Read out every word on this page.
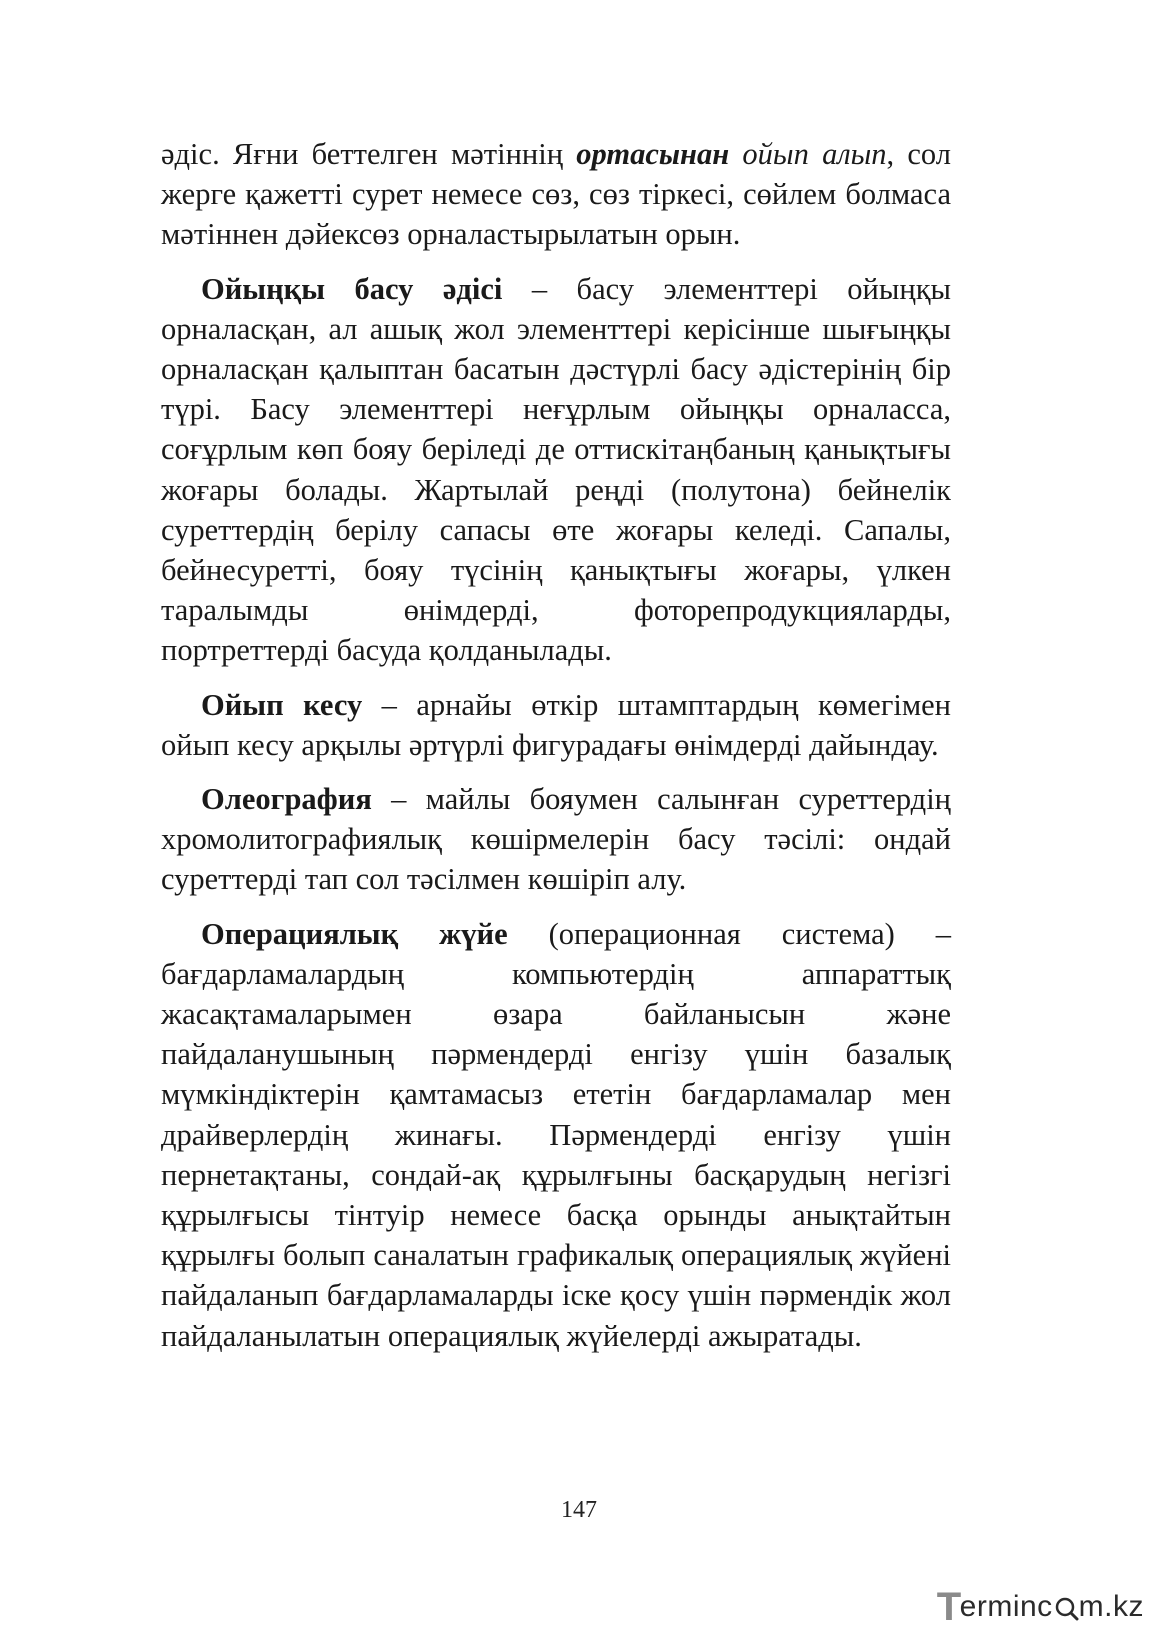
әдіс. Яғни беттелген мәтіннің ортасынан ойып алып, сол жерге қажетті сурет немесе сөз, сөз тіркесі, сөйлем болмаса мәтіннен дәйексөз орналастырылатын орын.

Ойыңқы басу әдісі – басу элементтері ойыңқы орналасқан, ал ашық жол элементтері керісінше шығыңқы орналасқан қалыптан басатын дәстүрлі басу әдістерінің бір түрі. Басу элементтері неғұрлым ойыңқы орналасса, соғұрлым көп бояу беріледі де оттискітаңбаның қанықтығы жоғары болады. Жартылай реңді (полутона) бейнелік суреттердің берілу сапасы өте жоғары келеді. Сапалы, бейнесуретті, бояу түсінің қанықтығы жоғары, үлкен таралымды өнімдерді, фоторепродукцияларды, портреттерді басуда қолданылады.

Ойып кесу – арнайы өткір штамптардың көмегімен ойып кесу арқылы әртүрлі фигурадағы өнімдерді дайындау.

Олеография – майлы бояумен салынған суреттердің хромолитографиялық көшірмелерін басу тәсілі: ондай суреттерді тап сол тәсілмен көшіріп алу.

Операциялық жүйе (операционная система) – бағдарламалардың компьютердің аппараттық жасақтамаларымен өзара байланысын және пайдаланушының пәрмендерді енгізу үшін базалық мүмкіндіктерін қамтамасыз ететін бағдарламалар мен драйверлердің жинағы. Пәрмендерді енгізу үшін пернетақтаны, сондай-ақ құрылғыны басқарудың негізгі құрылғысы тінтуір немесе басқа орынды анықтайтын құрылғы болып саналатын графикалық операциялық жүйені пайдаланып бағдарламаларды іске қосу үшін пәрмендік жол пайдаланылатын операциялық жүйелерді ажыратады.

147
T
erminc m.kz
